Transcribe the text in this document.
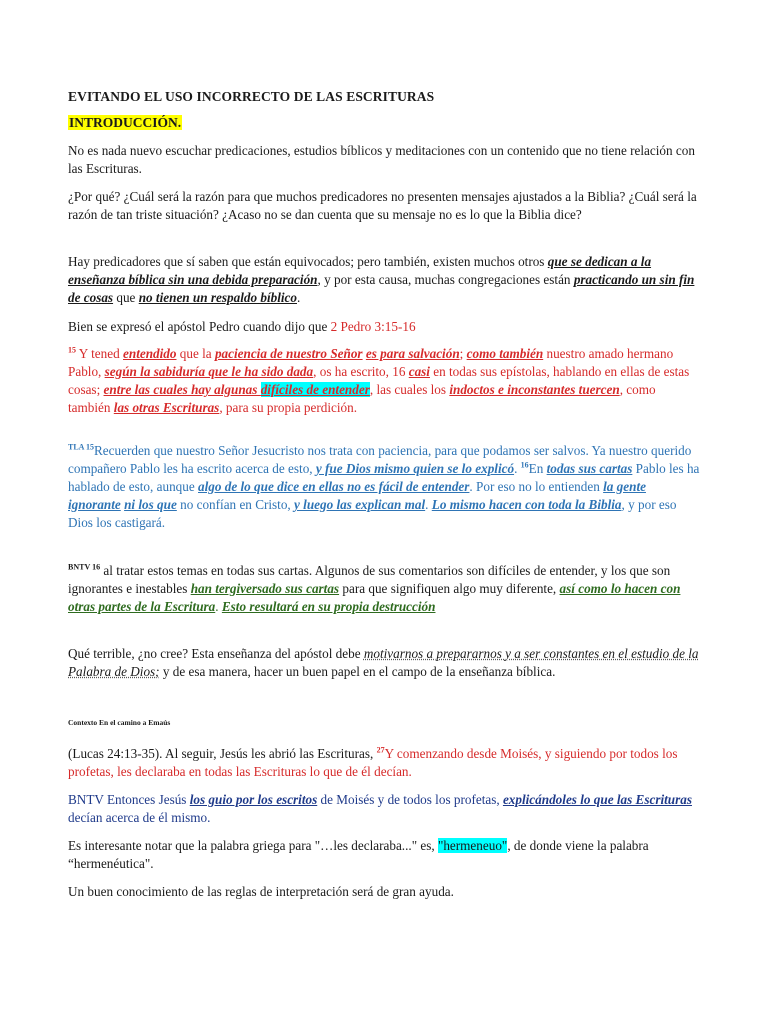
EVITANDO EL USO INCORRECTO DE LAS ESCRITURAS

INTRODUCCIÓN.

No es nada nuevo escuchar predicaciones, estudios bíblicos y meditaciones con un contenido que no tiene relación con las Escrituras.

¿Por qué? ¿Cuál será la razón para que muchos predicadores no presenten mensajes ajustados a la Biblia? ¿Cuál será la razón de tan triste situación? ¿Acaso no se dan cuenta que su mensaje no es lo que la Biblia dice?

Hay predicadores que sí saben que están equivocados; pero también, existen muchos otros que se dedican a la enseñanza bíblica sin una debida preparación, y por esta causa, muchas congregaciones están practicando un sin fin de cosas que no tienen un respaldo bíblico.

Bien se expresó el apóstol Pedro cuando dijo que 2 Pedro 3:15-16

$^{15}$ Y tened entendido que la paciencia de nuestro Señor es para salvación; como también nuestro amado hermano Pablo, según la sabiduría que le ha sido dada, os ha escrito, 16 casi en todas sus epístolas, hablando en ellas de estas cosas; entre las cuales hay algunas difíciles de entender, las cuales los indoctos e inconstantes tuercen, como también las otras Escrituras, para su propia perdición.

$^{TLA 15}$Recuerden que nuestro Señor Jesucristo nos trata con paciencia, para que podamos ser salvos. Ya nuestro querido compañero Pablo les ha escrito acerca de esto, y fue Dios mismo quien se lo explicó. $^{16}$En todas sus cartas Pablo les ha hablado de esto, aunque algo de lo que dice en ellas no es fácil de entender. Por eso no lo entienden la gente ignorante ni los que no confían en Cristo, y luego las explican mal. Lo mismo hacen con toda la Biblia, y por eso Dios los castigará.

$^{BNTV 16}$ al tratar estos temas en todas sus cartas. Algunos de sus comentarios son difíciles de entender, y los que son ignorantes e inestables han tergiversado sus cartas para que signifiquen algo muy diferente, así como lo hacen con otras partes de la Escritura. Esto resultará en su propia destrucción

Qué terrible, ¿no cree? Esta enseñanza del apóstol debe motivarnos a prepararnos y a ser constantes en el estudio de la Palabra de Dios; y de esa manera, hacer un buen papel en el campo de la enseñanza bíblica.

Contexto En el camino a Emaús

(Lucas 24:13-35). Al seguir, Jesús les abrió las Escrituras, $^{27}$Y comenzando desde Moisés, y siguiendo por todos los profetas, les declaraba en todas las Escrituras lo que de él decían.

BNTV Entonces Jesús los guio por los escritos de Moisés y de todos los profetas, explicándoles lo que las Escrituras decían acerca de él mismo.

Es interesante notar que la palabra griega para "…les declaraba..." es, "hermeneuo", de donde viene la palabra “hermenéutica".

Un buen conocimiento de las reglas de interpretación será de gran ayuda.
